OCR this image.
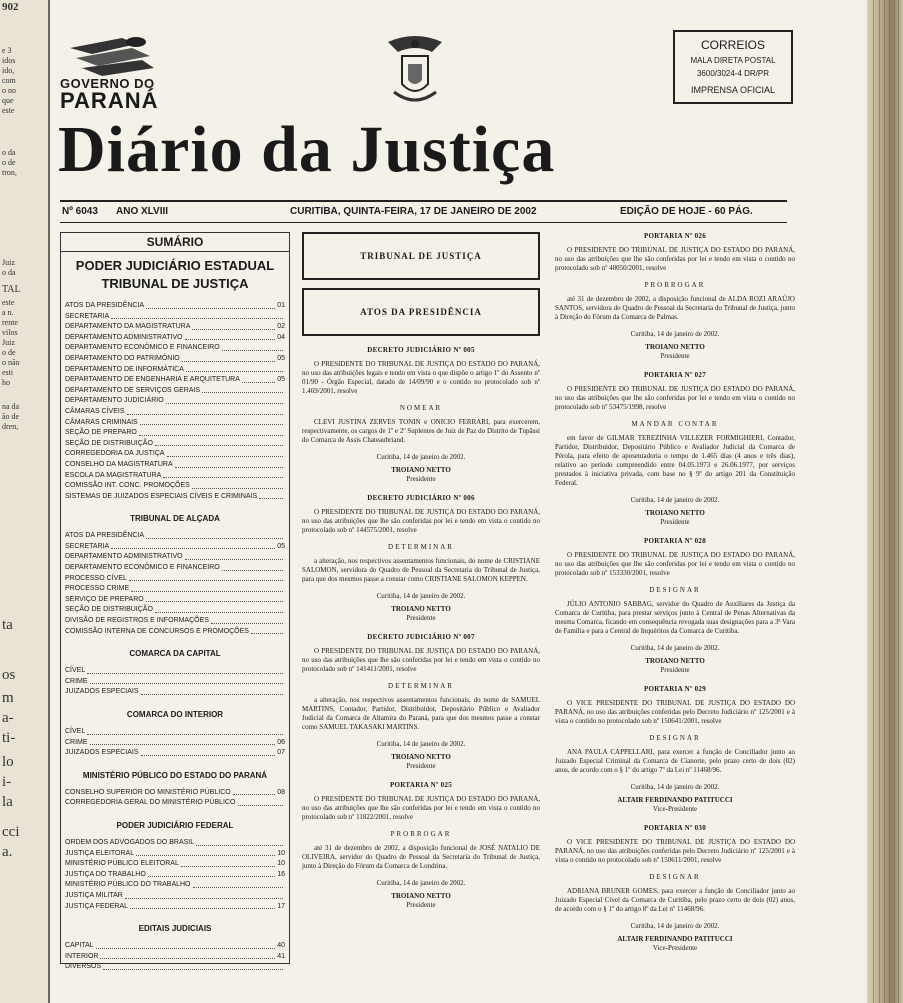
902
e 3
idos
ido,
com
o no
que
este
o da
o de
tron,
Juiz
o da
TAL
este
a n.
rente
vilos
Juiz
o de
o não
esti
ho
na da
ão de
dren,
ta
os
m
a-
ti-
lo
i-
la
cci
a.
GOVERNO DO
PARANÁ
CORREIOS
MALA DIRETA POSTAL
3600/3024-4 DR/PR
IMPRENSA OFICIAL
Diário da Justiça
Nº 6043 ANO XLVIII	CURITIBA, QUINTA-FEIRA, 17 DE JANEIRO DE 2002	EDIÇÃO DE HOJE - 60 PÁG.
SUMÁRIO
PODER JUDICIÁRIO ESTADUAL
TRIBUNAL DE JUSTIÇA
ATOS DA PRESIDÊNCIA	01
SECRETARIA
DEPARTAMENTO DA MAGISTRATURA	02
DEPARTAMENTO ADMINISTRATIVO	04
DEPARTAMENTO ECONÔMICO E FINANCEIRO
DEPARTAMENTO DO PATRIMÔNIO	05
DEPARTAMENTO DE INFORMÁTICA
DEPARTAMENTO DE ENGENHARIA E ARQUITETURA	05
DEPARTAMENTO DE SERVIÇOS GERAIS
DEPARTAMENTO JUDICIÁRIO
CÂMARAS CÍVEIS
CÂMARAS CRIMINAIS
SEÇÃO DE PREPARO
SEÇÃO DE DISTRIBUIÇÃO
CORREGEDORIA DA JUSTIÇA
CONSELHO DA MAGISTRATURA
ESCOLA DA MAGISTRATURA
COMISSÃO INT. CONC. PROMOÇÕES
SISTEMAS DE JUIZADOS ESPECIAIS CÍVEIS E CRIMINAIS
TRIBUNAL DE ALÇADA
ATOS DA PRESIDÊNCIA
SECRETARIA	05
DEPARTAMENTO ADMINISTRATIVO
DEPARTAMENTO ECONÔMICO E FINANCEIRO
PROCESSO CÍVEL
PROCESSO CRIME
SERVIÇO DE PREPARO
SEÇÃO DE DISTRIBUIÇÃO
DIVISÃO DE REGISTROS E INFORMAÇÕES
COMISSÃO INTERNA DE CONCURSOS E PROMOÇÕES
COMARCA DA CAPITAL
CÍVEL
CRIME
JUIZADOS ESPECIAIS
COMARCA DO INTERIOR
CÍVEL
CRIME	06
JUIZADOS ESPECIAIS	07
MINISTÉRIO PÚBLICO DO ESTADO DO PARANÁ
CONSELHO SUPERIOR DO MINISTÉRIO PÚBLICO	08
CORREGEDORIA GERAL DO MINISTÉRIO PÚBLICO
PODER JUDICIÁRIO FEDERAL
ORDEM DOS ADVOGADOS DO BRASIL
JUSTIÇA ELEITORAL	10
MINISTÉRIO PÚBLICO ELEITORAL	10
JUSTIÇA DO TRABALHO	16
MINISTÉRIO PÚBLICO DO TRABALHO
JUSTIÇA MILITAR
JUSTIÇA FEDERAL	17
EDITAIS JUDICIAIS
CAPITAL	40
INTERIOR	41
DIVERSOS
TRIBUNAL DE JUSTIÇA
ATOS DA PRESIDÊNCIA
DECRETO JUDICIÁRIO Nº 005

O PRESIDENTE DO TRIBUNAL DE JUSTIÇA DO ESTADO DO PARANÁ, no uso das atribuições legais e tendo em vista o que dispõe o artigo 1º do Assento nº 01/90 - Órgão Especial, datado de 14/09/90 e o contido no protocolado sob nº 1.469/2001, resolve

NOMEAR

CLEVI JUSTINA ZERVES TONIN e ONICIO FERRARI, para exercerem, respectivamente, os cargos de 1º e 2º Suplentes de Juiz de Paz do Distrito de Tupãssi do Comarca de Assis Chateaubriand.

Curitiba, 14 de janeiro de 2002.
TROIANO NETTO
Presidente
DECRETO JUDICIÁRIO Nº 006

O PRESIDENTE DO TRIBUNAL DE JUSTIÇA DO ESTADO DO PARANÁ, no uso das atribuições que lhe são conferidas por lei e tendo em vista o contido no protocolado sob nº 144575/2001, resolve

DETERMINAR

a alteração, nos respectivos assentamentos funcionais, do nome de CRISTIANE SALOMON, servidora do Quadro de Pessoal da Secretaria do Tribunal de Justiça, para que dos mesmos passe a constar como CRISTIANE SALOMON KEPPEN.

Curitiba, 14 de janeiro de 2002.
TROIANO NETTO
Presidente
DECRETO JUDICIÁRIO Nº 007

O PRESIDENTE DO TRIBUNAL DE JUSTIÇA DO ESTADO DO PARANÁ, no uso das atribuições que lhe são conferidas por lei e tendo em vista o contido no protocolado sob nº 141411/2001, resolve

DETERMINAR

a alteração, nos respectivos assentamentos funcionais, do nome de SAMUEL MARTINS, Contador, Partidor, Distribuidor, Depositário Público e Avaliador Judicial da Comarca de Altamira do Paraná, para que dos mesmos passe a constar como SAMUEL TAKASAKI MARTINS.

Curitiba, 14 de janeiro de 2002.
TROIANO NETTO
Presidente
PORTARIA Nº 025

O PRESIDENTE DO TRIBUNAL DE JUSTIÇA DO ESTADO DO PARANÁ, no uso das atribuições que lhe são conferidas por lei e tendo em vista o contido no protocolado sob nº 11822/2001, resolve

PRORROGAR

até 31 de dezembro de 2002, a disposição funcional de JOSÉ NATALIO DE OLIVEIRA, servidor do Quadro de Pessoal da Secretaria do Tribunal de Justiça, junto à Direção do Fórum da Comarca de Londrina.

Curitiba, 14 de janeiro de 2002.
TROIANO NETTO
Presidente
PORTARIA Nº 026

O PRESIDENTE DO TRIBUNAL DE JUSTIÇA DO ESTADO DO PARANÁ, no uso das atribuições que lhe são conferidas por lei e tendo em vista o contido no protocolado sob nº 48050/2001, resolve

PRORROGAR

até 31 de dezembro de 2002, a disposição funcional de ALDA ROZI ARAÚJO SANTOS, servidora do Quadro de Pessoal da Secretaria do Tribunal de Justiça, junto à Direção do Fórum da Comarca de Palmas.

Curitiba, 14 de janeiro de 2002.
TROIANO NETTO
Presidente
PORTARIA Nº 027

O PRESIDENTE DO TRIBUNAL DE JUSTIÇA DO ESTADO DO PARANÁ, no uso das atribuições que lhe são conferidas por lei e tendo em vista o contido no protocolado sob nº 53475/1998, resolve

MANDAR CONTAR

em favor de GILMAR TEREZINHA VILLEZER FORMIGHIERI, Contador, Partidor, Distribuidor, Depositário Público e Avaliador Judicial da Comarca de Pérola, para efeito de aposentadoria o tempo de 1.465 dias (4 anos e três dias), relativo ao período compreendido entre 04.05.1973 e 26.06.1977, por serviços prestados à iniciativa privada, com base no § 9º do artigo 201 da Constituição Federal.

Curitiba, 14 de janeiro de 2002.
TROIANO NETTO
Presidente
PORTARIA Nº 028

O PRESIDENTE DO TRIBUNAL DE JUSTIÇA DO ESTADO DO PARANÁ, no uso das atribuições que lhe são conferidas por lei e tendo em vista o contido no protocolado sob nº 153330/2001, resolve

DESIGNAR

JÚLIO ANTONIO SABBAG, servidor do Quadro de Auxiliares da Justiça da Comarca de Curitiba, para prestar serviços junto à Central de Penas Alternativas da mesma Comarca, ficando em consequência revogada suas designações para a 3ª Vara de Família e para a Central de Inquéritos da Comarca de Curitiba.

Curitiba, 14 de janeiro de 2002.
TROIANO NETTO
Presidente
PORTARIA Nº 029

O VICE PRESIDENTE DO TRIBUNAL DE JUSTIÇA DO ESTADO DO PARANÁ, no uso das atribuições conferidas pelo Decreto Judiciário nº 125/2001 e à vista o contido no protocolado sob nº 150641/2001, resolve

DESIGNAR

ANA PAULA CAPPELLARI, para exercer a função de Conciliador junto ao Juizado Especial Criminal da Comarca de Cianorte, pelo prazo certo de dois (02) anos, de acordo com o § 1º do artigo 7º da Lei nº 11468/96.

Curitiba, 14 de janeiro de 2002.
ALTAIR FERDINANDO PATITUCCI
Vice-Presidente
PORTARIA Nº 030

O VICE PRESIDENTE DO TRIBUNAL DE JUSTIÇA DO ESTADO DO PARANÁ, no uso das atribuições conferidas pelo Decreto Judiciário nº 125/2001 e à vista o contido no protocolado sob nº 150611/2001, resolve

DESIGNAR

ADRIANA BRUNER GOMES, para exercer a função de Conciliador junto ao Juizado Especial Cível da Comarca de Curitiba, pelo prazo certo de dois (02) anos, de acordo com o § 1º do artigo 8º da Lei nº 11468/96.

Curitiba, 14 de janeiro de 2002.
ALTAIR FERDINANDO PATITUCCI
Vice-Presidente
